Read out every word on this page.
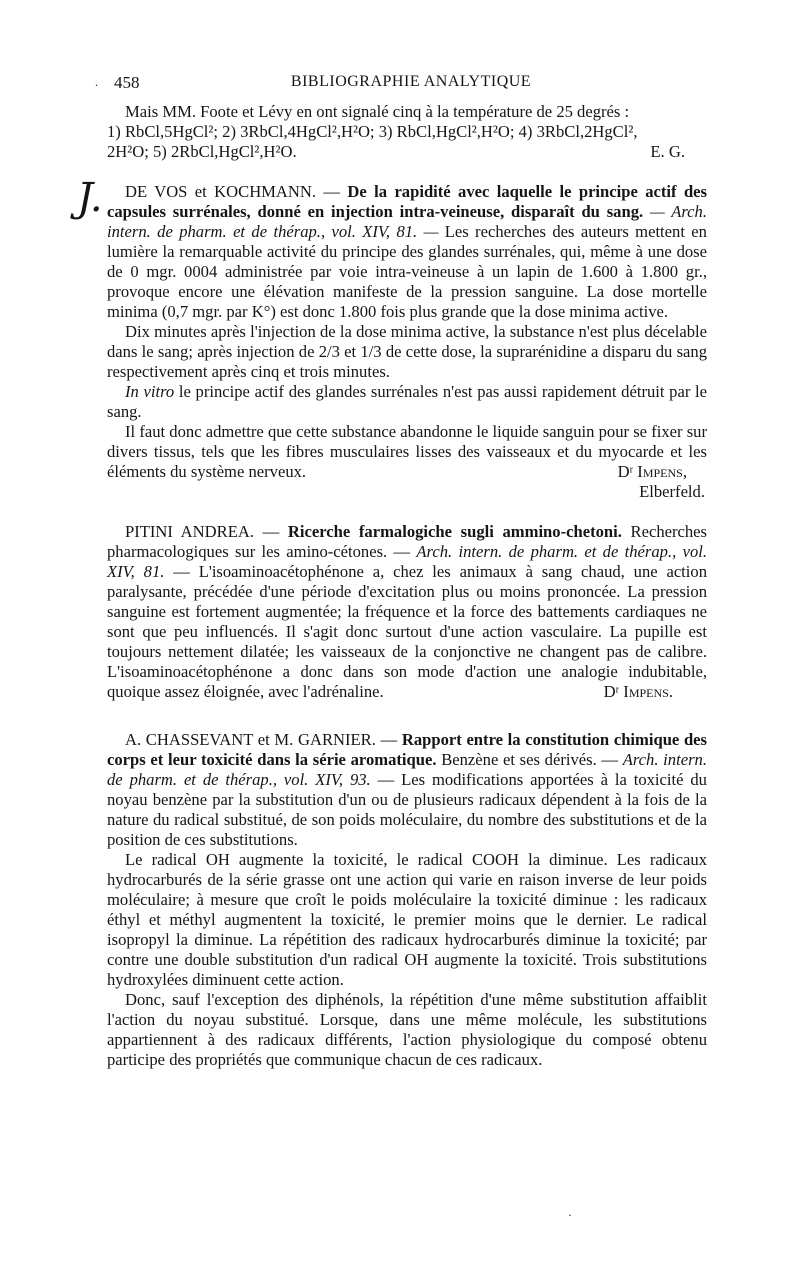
. 458	BIBLIOGRAPHIE ANALYTIQUE

Mais MM. Foote et Lévy en ont signalé cinq à la température de 25 degrés :

1) RbCl,5HgCl²; 2) 3RbCl,4HgCl²,H²O; 3) RbCl,HgCl²,H²O; 4) 3RbCl,2HgCl²,

2H²O; 5) 2RbCl,HgCl²,H²O.	E. G.

J.	DE VOS et KOCHMANN. — De la rapidité avec laquelle le principe actif des capsules surrénales, donné en injection intra-veineuse, disparaît du sang. — Arch. intern. de pharm. et de thérap., vol. XIV, 81. — Les recherches des auteurs mettent en lumière la remarquable activité du principe des glandes surrénales, qui, même à une dose de 0 mgr. 0004 administrée par voie intra-veineuse à un lapin de 1.600 à 1.800 gr., provoque encore une élévation manifeste de la pression sanguine. La dose mortelle minima (0,7 mgr. par K°) est donc 1.800 fois plus grande que la dose minima active.

Dix minutes après l'injection de la dose minima active, la substance n'est plus décelable dans le sang; après injection de 2/3 et 1/3 de cette dose, la suprarénidine a disparu du sang respectivement après cinq et trois minutes.

In vitro le principe actif des glandes surrénales n'est pas aussi rapidement détruit par le sang.

Il faut donc admettre que cette substance abandonne le liquide sanguin pour se fixer sur divers tissus, tels que les fibres musculaires lisses des vaisseaux et du myocarde et les éléments du système nerveux.	Dʳ Impens,

Elberfeld.

PITINI ANDREA. — Ricerche farmalogiche sugli ammino-chetoni. Recherches pharmacologiques sur les amino-cétones. — Arch. intern. de pharm. et de thérap., vol. XIV, 81. — L'isoaminoacétophénone a, chez les animaux à sang chaud, une action paralysante, précédée d'une période d'excitation plus ou moins prononcée. La pression sanguine est fortement augmentée; la fréquence et la force des battements cardiaques ne sont que peu influencés. Il s'agit donc surtout d'une action vasculaire. La pupille est toujours nettement dilatée; les vaisseaux de la conjonctive ne changent pas de calibre. L'isoaminoacétophénone a donc dans son mode d'action une analogie indubitable, quoique assez éloignée, avec l'adrénaline.	Dʳ Impens.

A. CHASSEVANT et M. GARNIER. — Rapport entre la constitution chimique des corps et leur toxicité dans la série aromatique. Benzène et ses dérivés. — Arch. intern. de pharm. et de thérap., vol. XIV, 93. — Les modifications apportées à la toxicité du noyau benzène par la substitution d'un ou de plusieurs radicaux dépendent à la fois de la nature du radical substitué, de son poids moléculaire, du nombre des substitutions et de la position de ces substitutions.

Le radical OH augmente la toxicité, le radical COOH la diminue. Les radicaux hydrocarburés de la série grasse ont une action qui varie en raison inverse de leur poids moléculaire; à mesure que croît le poids moléculaire la toxicité diminue : les radicaux éthyl et méthyl augmentent la toxicité, le premier moins que le dernier. Le radical isopropyl la diminue. La répétition des radicaux hydrocarburés diminue la toxicité; par contre une double substitution d'un radical OH augmente la toxicité. Trois substitutions hydroxylées diminuent cette action.

Donc, sauf l'exception des diphénols, la répétition d'une même substitution affaiblit l'action du noyau substitué. Lorsque, dans une même molécule, les substitutions appartiennent à des radicaux différents, l'action physiologique du composé obtenu participe des propriétés que communique chacun de ces radicaux.

·
